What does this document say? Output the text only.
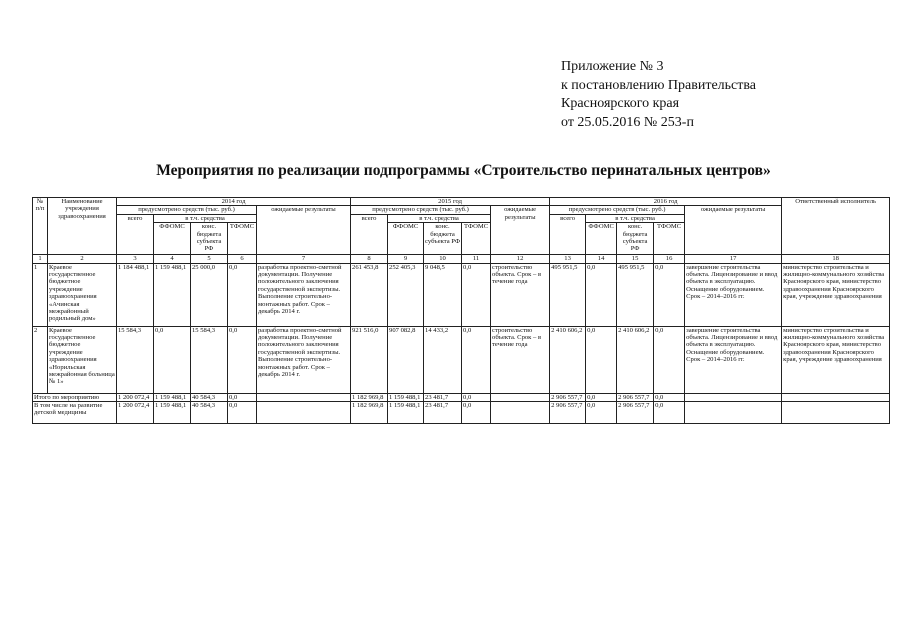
Приложение № 3
к постановлению Правительства
Красноярского края
от 25.05.2016 № 253-п
Мероприятия по реализации подпрограммы «Строительство перинатальных центров»
№ п/п	Наименование учреждения здравоохранения	2014 год					2015 год					2016 год					Ответственный исполнитель
		предусмотрено средств (тыс. руб.)				ожидаемые результаты	предусмотрено средств (тыс. руб.)				ожидаемые результаты	предусмотрено средств (тыс. руб.)				ожидаемые результаты	
		всего	в т.ч. средства				всего	в т.ч. средства				всего	в т.ч. средства				
			ФФОМС	конс. бюджета субъекта РФ	ТФОМС			ФФОМС	конс. бюджета субъекта РФ	ТФОМС			ФФОМС	конс. бюджета субъекта РФ	ТФОМС		
1	2	3	4	5	6	7	8	9	10	11	12	13	14	15	16	17	18
1	Краевое государственное бюджетное учреждение здравоохранения «Ачинская межрайонный родильный дом»	1 184 488,1	1 159 488,1	25 000,0	0,0	разработка проектно-сметной документации. Получение положительного заключения государственной экспертизы. Выполнение строительно-монтажных работ. Срок – декабрь 2014 г.	261 453,8	252 405,3	9 048,5	0,0	строительство объекта. Срок – в течение года	495 951,5	0,0	495 951,5	0,0	завершение строительства объекта. Лицензирование и ввод объекта в эксплуатацию. Оснащение оборудованием. Срок – 2014–2016 гг.	министерство строительства и жилищно-коммунального хозяйства Красноярского края, министерство здравоохранения Красноярского края, учреждение здравоохранения
2	Краевое государственное бюджетное учреждение здравоохранения «Норильская межрайонная больница № 1»	15 584,3	0,0	15 584,3	0,0	разработка проектно-сметной документации. Получение положительного заключения государственной экспертизы. Выполнение строительно-монтажных работ. Срок – декабрь 2014 г.	921 516,0	907 082,8	14 433,2	0,0	строительство объекта. Срок – в течение года	2 410 606,2	0,0	2 410 606,2	0,0	завершение строительства объекта. Лицензирование и ввод объекта в эксплуатацию. Оснащение оборудованием. Срок – 2014–2016 гг.	министерство строительства и жилищно-коммунального хозяйства Красноярского края, министерство здравоохранения Красноярского края, учреждение здравоохранения
Итого по мероприятию		1 200 072,4	1 159 488,1	40 584,3	0,0		1 182 969,8	1 159 488,1	23 481,7	0,0		2 906 557,7	0,0	2 906 557,7	0,0		
В том числе на развитие детской медицины		1 200 072,4	1 159 488,1	40 584,3	0,0		1 182 969,8	1 159 488,1	23 481,7	0,0		2 906 557,7	0,0	2 906 557,7	0,0		
